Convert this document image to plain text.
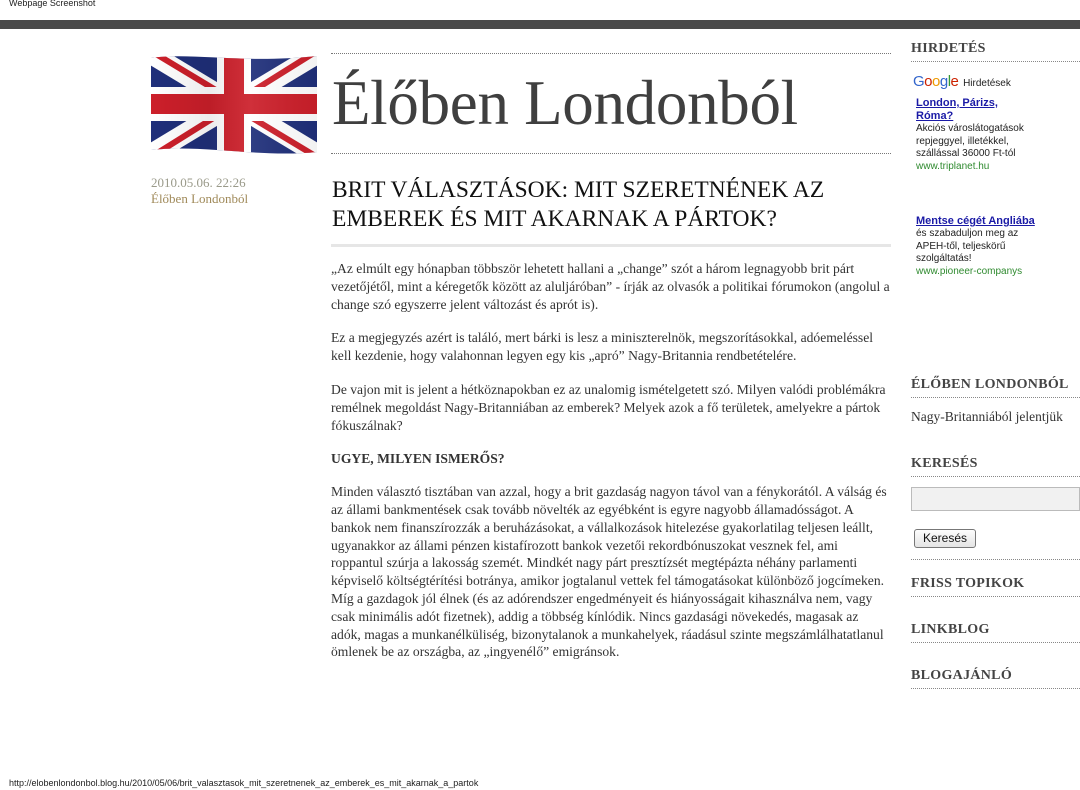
Webpage Screenshot
2010.05.06. 22:26
Élőben Londonból
Élőben Londonból
BRIT VÁLASZTÁSOK: MIT SZERETNÉNEK AZ EMBEREK ÉS MIT AKARNAK A PÁRTOK?

„Az elmúlt egy hónapban többször lehetett hallani a „change” szót a három legnagyobb brit párt vezetőjétől, mint a kéregetők között az aluljáróban” - írják az olvasók a politikai fórumokon (angolul a change szó egyszerre jelent változást és aprót is).

Ez a megjegyzés azért is találó, mert bárki is lesz a miniszterelnök, megszorításokkal, adóemeléssel kell kezdenie, hogy valahonnan legyen egy kis „apró” Nagy-Britannia rendbetételére.

De vajon mit is jelent a hétköznapokban ez az unalomig ismételgetett szó. Milyen valódi problémákra remélnek megoldást Nagy-Britanniában az emberek? Melyek azok a fő területek, amelyekre a pártok fókuszálnak?

UGYE, MILYEN ISMERŐS?

Minden választó tisztában van azzal, hogy a brit gazdaság nagyon távol van a fénykorától. A válság és az állami bankmentések csak tovább növelték az egyébként is egyre nagyobb államadósságot. A bankok nem finanszírozzák a beruházásokat, a vállalkozások hitelezése gyakorlatilag teljesen leállt, ugyanakkor az állami pénzen kistafírozott bankok vezetői rekordbónuszokat vesznek fel, ami roppantul szúrja a lakosság szemét. Mindkét nagy párt presztízsét megtépázta néhány parlamenti képviselő költségtérítési botránya, amikor jogtalanul vettek fel támogatásokat különböző jogcímeken. Míg a gazdagok jól élnek (és az adórendszer engedményeit és hiányosságait kihasználva nem, vagy csak minimális adót fizetnek), addig a többség kínlódik. Nincs gazdasági növekedés, magasak az adók, magas a munkanélküliség, bizonytalanok a munkahelyek, ráadásul szinte megszámlálhatatlanul ömlenek be az országba, az „ingyenélő” emigránsok.

HIRDETÉS
Google Hirdetések
London, Párizs, Róma?
Akciós városlátogatások repjeggyel, illetékkel, szállással 36000 Ft-tól
www.triplanet.hu
Mentse cégét Angliába
és szabaduljon meg az APEH-től, teljeskörű szolgáltatás!
www.pioneer-companys
ÉLŐBEN LONDONBÓL
Nagy-Britanniából jelentjük
KERESÉS
Keresés
FRISS TOPIKOK
LINKBLOG
BLOGAJÁNLÓ
http://elobenlondonbol.blog.hu/2010/05/06/brit_valasztasok_mit_szeretnenek_az_emberek_es_mit_akarnak_a_partok
